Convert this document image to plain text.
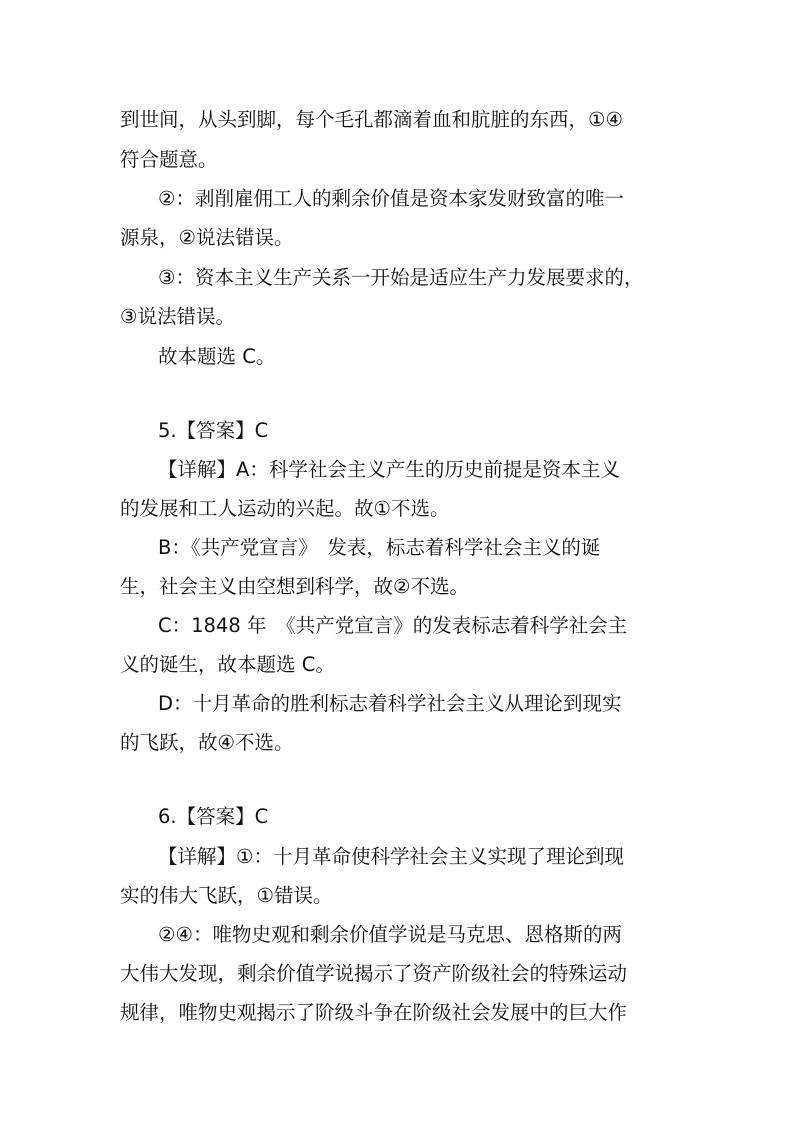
到世间，从头到脚，每个毛孔都滴着血和肮脏的东西，①④
符合题意。
②：剥削雇佣工人的剩余价值是资本家发财致富的唯一
源泉，②说法错误。
③：资本主义生产关系一开始是适应生产力发展要求的，
③说法错误。
故本题选 C。
5.【答案】C
【详解】A：科学社会主义产生的历史前提是资本主义
的发展和工人运动的兴起。故①不选。
B：《共产党宣言》　发表，标志着科学社会主义的诞
生，社会主义由空想到科学，故②不选。
C：1848 年　《共产党宣言》的发表标志着科学社会主
义的诞生，故本题选 C。
D：十月革命的胜利标志着科学社会主义从理论到现实
的飞跃，故④不选。
6.【答案】C
【详解】①：十月革命使科学社会主义实现了理论到现
实的伟大飞跃，①错误。
②④：唯物史观和剩余价值学说是马克思、恩格斯的两
大伟大发现，剩余价值学说揭示了资产阶级社会的特殊运动
规律，唯物史观揭示了阶级斗争在阶级社会发展中的巨大作
